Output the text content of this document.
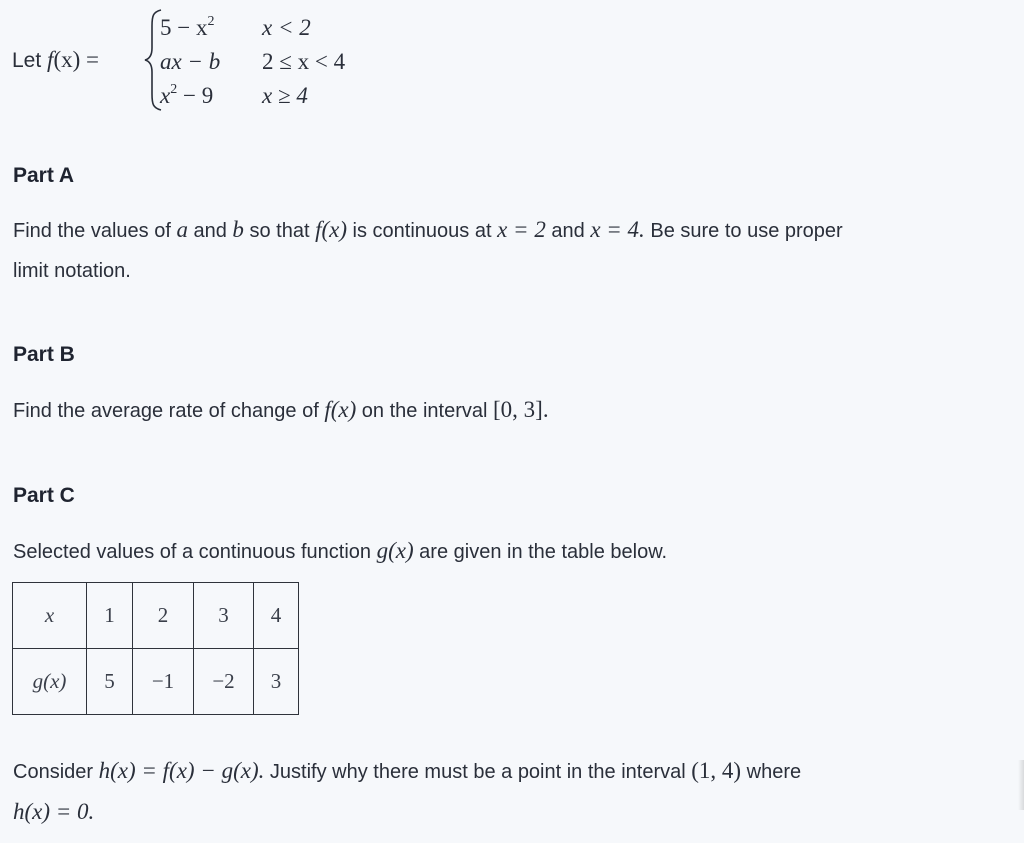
Let f(x) =
$5 - x^2$ x < 2
ax − b 2 ≤ x < 4
$x^2 - 9$ x ≥ 4
Part A
Find the values of a and b so that f(x) is continuous at x = 2 and x = 4. Be sure to use proper
limit notation.
Part B
Find the average rate of change of f(x) on the interval [0, 3].
Part C
Selected values of a continuous function g(x) are given in the table below.
x	1	2	3	4
g(x)	5	−1	−2	3
Consider h(x) = f(x) − g(x). Justify why there must be a point in the interval (1, 4) where
h(x) = 0.
